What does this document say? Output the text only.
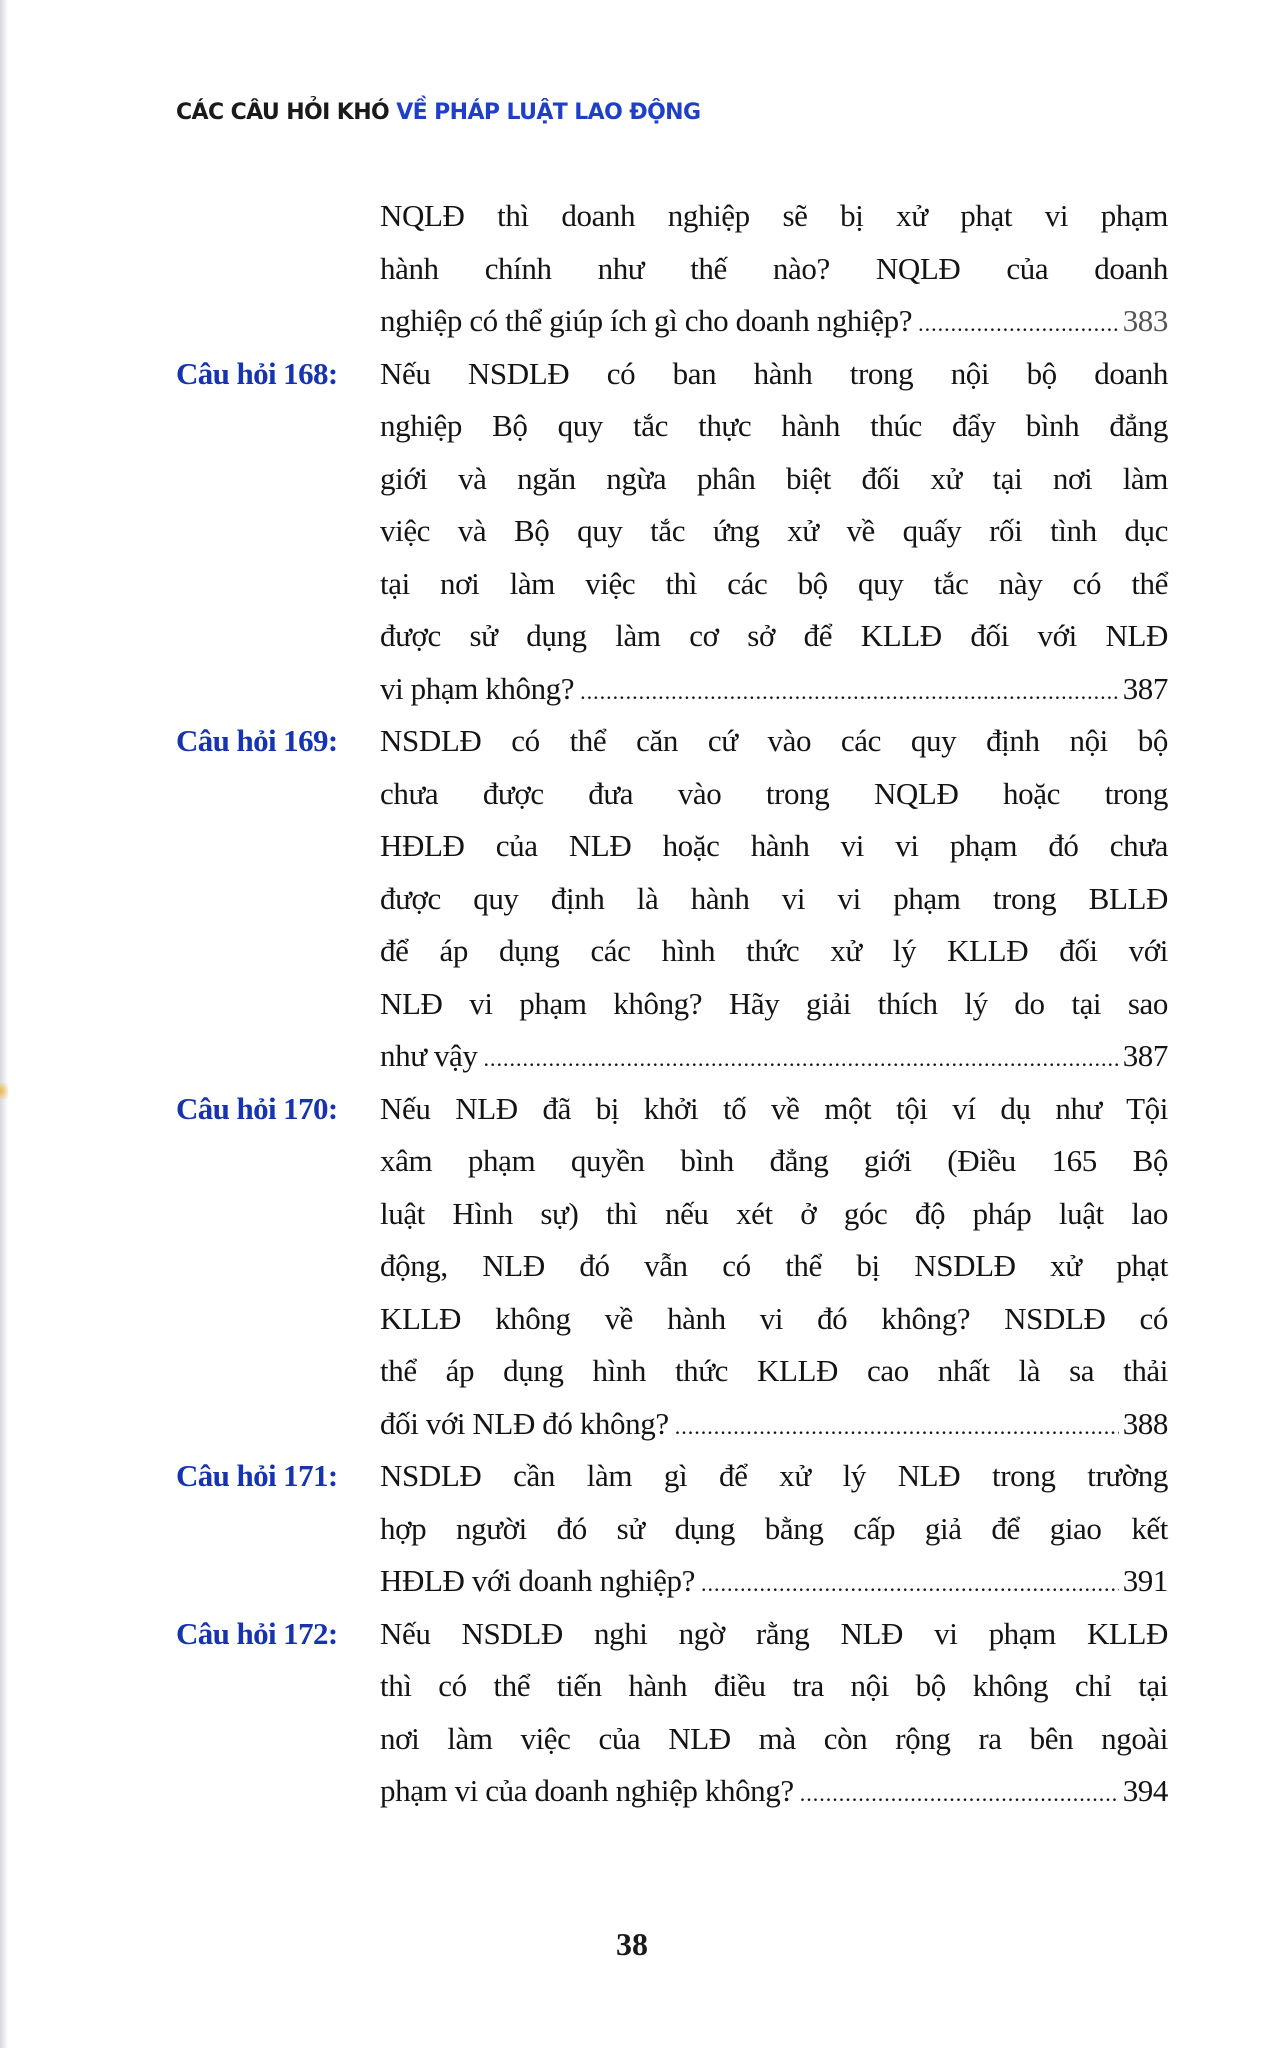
CÁC CÂU HỎI KHÓ VỀ PHÁP LUẬT LAO ĐỘNG
NQLĐ thì doanh nghiệp sẽ bị xử phạt vi phạm
hành chính như thế nào? NQLĐ của doanh
nghiệp có thể giúp ích gì cho doanh nghiệp? .....	383
Câu hỏi 168: Nếu NSDLĐ có ban hành trong nội bộ doanh
nghiệp Bộ quy tắc thực hành thúc đẩy bình đẳng
giới và ngăn ngừa phân biệt đối xử tại nơi làm
việc và Bộ quy tắc ứng xử về quấy rối tình dục
tại nơi làm việc thì các bộ quy tắc này có thể
được sử dụng làm cơ sở để KLLĐ đối với NLĐ
vi phạm không? .....	387
Câu hỏi 169: NSDLĐ có thể căn cứ vào các quy định nội bộ
chưa được đưa vào trong NQLĐ hoặc trong
HĐLĐ của NLĐ hoặc hành vi vi phạm đó chưa
được quy định là hành vi vi phạm trong BLLĐ
để áp dụng các hình thức xử lý KLLĐ đối với
NLĐ vi phạm không? Hãy giải thích lý do tại sao
như vậy .....	387
Câu hỏi 170: Nếu NLĐ đã bị khởi tố về một tội ví dụ như Tội
xâm phạm quyền bình đẳng giới (Điều 165 Bộ
luật Hình sự) thì nếu xét ở góc độ pháp luật lao
động, NLĐ đó vẫn có thể bị NSDLĐ xử phạt
KLLĐ không về hành vi đó không? NSDLĐ có
thể áp dụng hình thức KLLĐ cao nhất là sa thải
đối với NLĐ đó không? .....	388
Câu hỏi 171: NSDLĐ cần làm gì để xử lý NLĐ trong trường
hợp người đó sử dụng bằng cấp giả để giao kết
HĐLĐ với doanh nghiệp? .....	391
Câu hỏi 172: Nếu NSDLĐ nghi ngờ rằng NLĐ vi phạm KLLĐ
thì có thể tiến hành điều tra nội bộ không chỉ tại
nơi làm việc của NLĐ mà còn rộng ra bên ngoài
phạm vi của doanh nghiệp không? .....	394
38
